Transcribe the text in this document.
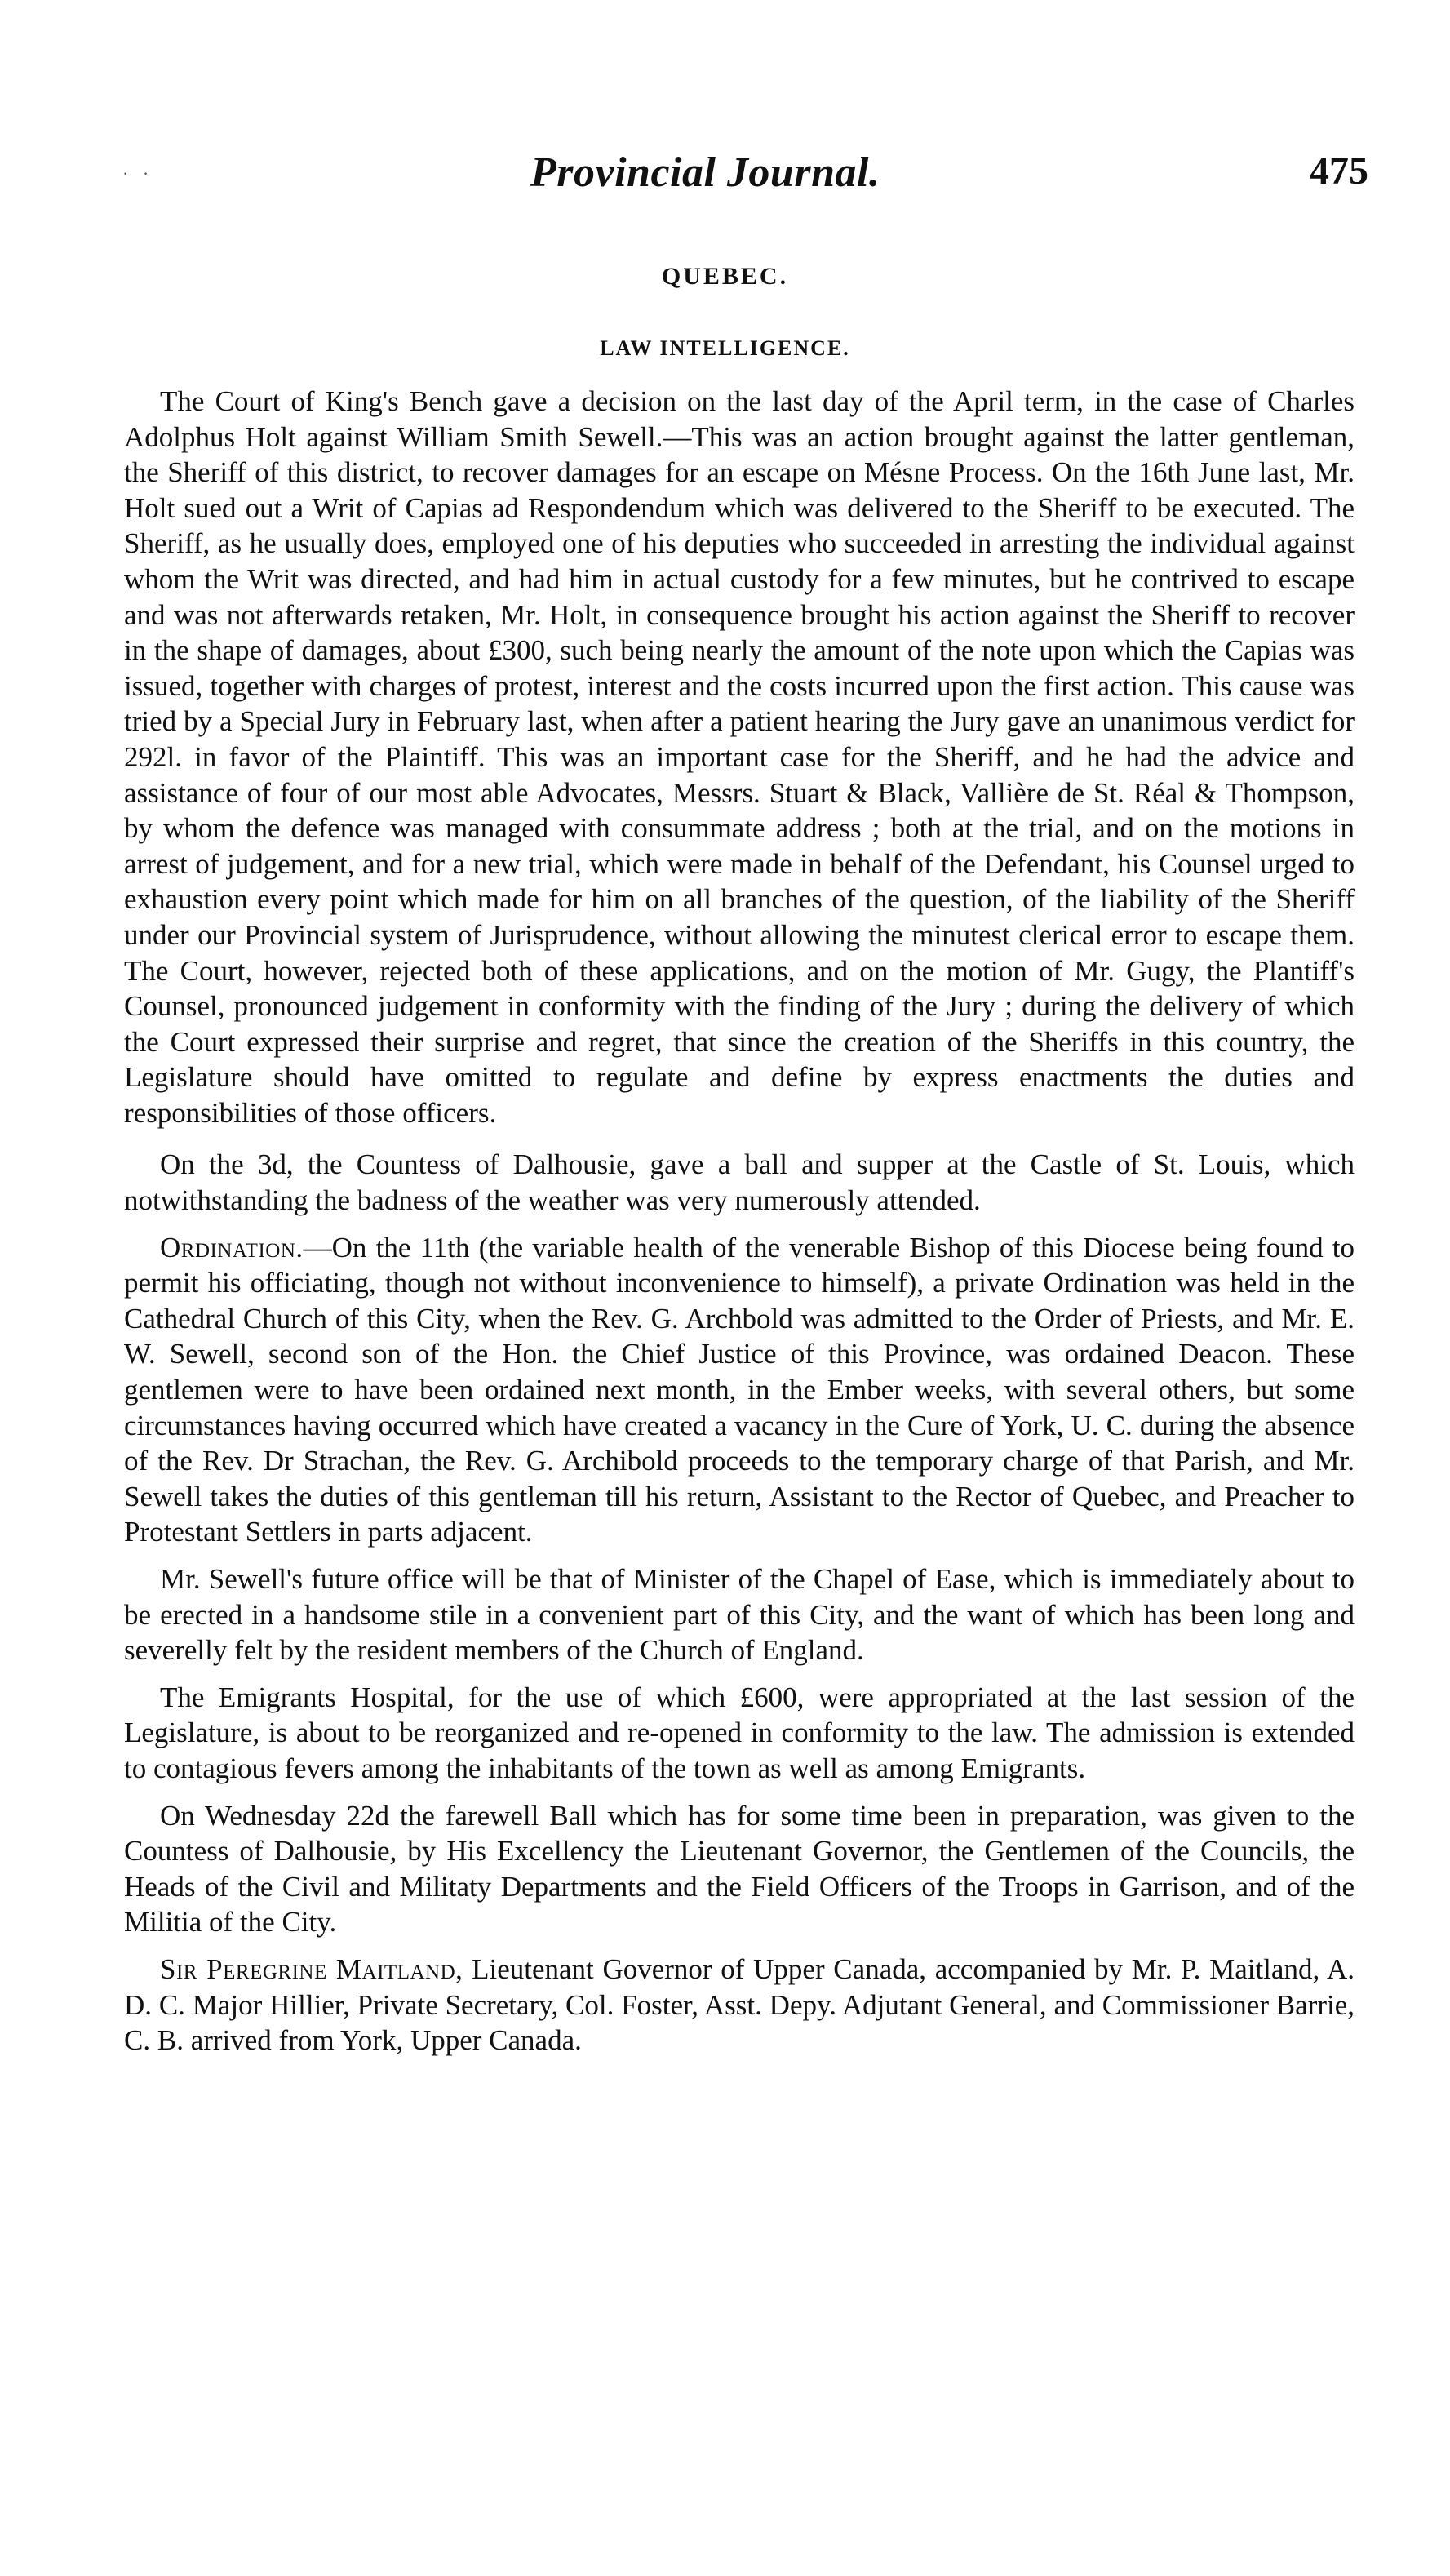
· ·	Provincial Journal.	475
QUEBEC.
LAW INTELLIGENCE.

The Court of King's Bench gave a decision on the last day of the April term, in the case of Charles Adolphus Holt against William Smith Sewell.—This was an action brought against the latter gentleman, the Sheriff of this district, to recover damages for an escape on Mésne Process. On the 16th June last, Mr. Holt sued out a Writ of Capias ad Respondendum which was delivered to the Sheriff to be executed. The Sheriff, as he usually does, employed one of his deputies who succeeded in arresting the individual against whom the Writ was directed, and had him in actual custody for a few minutes, but he contrived to escape and was not afterwards retaken, Mr. Holt, in consequence brought his action against the Sheriff to recover in the shape of damages, about £300, such being nearly the amount of the note upon which the Capias was issued, together with charges of protest, interest and the costs incurred upon the first action. This cause was tried by a Special Jury in February last, when after a patient hearing the Jury gave an unanimous verdict for 292l. in favor of the Plaintiff. This was an important case for the Sheriff, and he had the advice and assistance of four of our most able Advocates, Messrs. Stuart & Black, Vallière de St. Réal & Thompson, by whom the defence was managed with consummate address ; both at the trial, and on the motions in arrest of judgement, and for a new trial, which were made in behalf of the Defendant, his Counsel urged to exhaustion every point which made for him on all branches of the question, of the liability of the Sheriff under our Provincial system of Jurisprudence, without allowing the minutest clerical error to escape them. The Court, however, rejected both of these applications, and on the motion of Mr. Gugy, the Plantiff's Counsel, pronounced judgement in conformity with the finding of the Jury ; during the delivery of which the Court expressed their surprise and regret, that since the creation of the Sheriffs in this country, the Legislature should have omitted to regulate and define by express enactments the duties and responsibilities of those officers.

On the 3d, the Countess of Dalhousie, gave a ball and supper at the Castle of St. Louis, which notwithstanding the badness of the weather was very numerously attended.

Ordination.—On the 11th (the variable health of the venerable Bishop of this Diocese being found to permit his officiating, though not without inconvenience to himself), a private Ordination was held in the Cathedral Church of this City, when the Rev. G. Archbold was admitted to the Order of Priests, and Mr. E. W. Sewell, second son of the Hon. the Chief Justice of this Province, was ordained Deacon. These gentlemen were to have been ordained next month, in the Ember weeks, with several others, but some circumstances having occurred which have created a vacancy in the Cure of York, U. C. during the absence of the Rev. Dr Strachan, the Rev. G. Archibold proceeds to the temporary charge of that Parish, and Mr. Sewell takes the duties of this gentleman till his return, Assistant to the Rector of Quebec, and Preacher to Protestant Settlers in parts adjacent.

Mr. Sewell's future office will be that of Minister of the Chapel of Ease, which is immediately about to be erected in a handsome stile in a convenient part of this City, and the want of which has been long and severelly felt by the resident members of the Church of England.

The Emigrants Hospital, for the use of which £600, were appropriated at the last session of the Legislature, is about to be reorganized and re-opened in conformity to the law. The admission is extended to contagious fevers among the inhabitants of the town as well as among Emigrants.

On Wednesday 22d the farewell Ball which has for some time been in preparation, was given to the Countess of Dalhousie, by His Excellency the Lieutenant Governor, the Gentlemen of the Councils, the Heads of the Civil and Militaty Departments and the Field Officers of the Troops in Garrison, and of the Militia of the City.

Sir Peregrine Maitland, Lieutenant Governor of Upper Canada, accompanied by Mr. P. Maitland, A. D. C. Major Hillier, Private Secretary, Col. Foster, Asst. Depy. Adjutant General, and Commissioner Barrie, C. B. arrived from York, Upper Canada.
